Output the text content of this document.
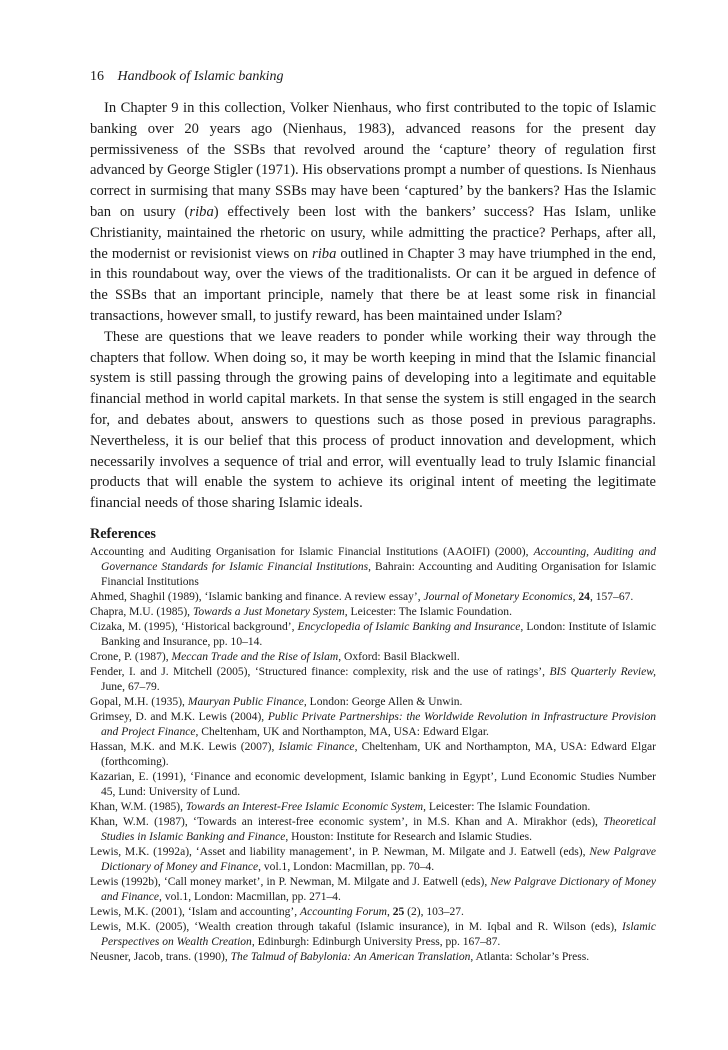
16 Handbook of Islamic banking

In Chapter 9 in this collection, Volker Nienhaus, who first contributed to the topic of Islamic banking over 20 years ago (Nienhaus, 1983), advanced reasons for the present day permissiveness of the SSBs that revolved around the ‘capture’ theory of regulation first advanced by George Stigler (1971). His observations prompt a number of questions. Is Nienhaus correct in surmising that many SSBs may have been ‘captured’ by the bankers? Has the Islamic ban on usury (riba) effectively been lost with the bankers’ success? Has Islam, unlike Christianity, maintained the rhetoric on usury, while admitting the practice? Perhaps, after all, the modernist or revisionist views on riba outlined in Chapter 3 may have triumphed in the end, in this roundabout way, over the views of the traditionalists. Or can it be argued in defence of the SSBs that an important principle, namely that there be at least some risk in financial transactions, however small, to justify reward, has been maintained under Islam?

These are questions that we leave readers to ponder while working their way through the chapters that follow. When doing so, it may be worth keeping in mind that the Islamic financial system is still passing through the growing pains of developing into a legitimate and equitable financial method in world capital markets. In that sense the system is still engaged in the search for, and debates about, answers to questions such as those posed in previous paragraphs. Nevertheless, it is our belief that this process of product innovation and development, which necessarily involves a sequence of trial and error, will eventually lead to truly Islamic financial products that will enable the system to achieve its original intent of meeting the legitimate financial needs of those sharing Islamic ideals.

References
Accounting and Auditing Organisation for Islamic Financial Institutions (AAOIFI) (2000), Accounting, Auditing and Governance Standards for Islamic Financial Institutions, Bahrain: Accounting and Auditing Organisation for Islamic Financial Institutions
Ahmed, Shaghil (1989), ‘Islamic banking and finance. A review essay’, Journal of Monetary Economics, 24, 157–67.
Chapra, M.U. (1985), Towards a Just Monetary System, Leicester: The Islamic Foundation.
Cizaka, M. (1995), ‘Historical background’, Encyclopedia of Islamic Banking and Insurance, London: Institute of Islamic Banking and Insurance, pp. 10–14.
Crone, P. (1987), Meccan Trade and the Rise of Islam, Oxford: Basil Blackwell.
Fender, I. and J. Mitchell (2005), ‘Structured finance: complexity, risk and the use of ratings’, BIS Quarterly Review, June, 67–79.
Gopal, M.H. (1935), Mauryan Public Finance, London: George Allen & Unwin.
Grimsey, D. and M.K. Lewis (2004), Public Private Partnerships: the Worldwide Revolution in Infrastructure Provision and Project Finance, Cheltenham, UK and Northampton, MA, USA: Edward Elgar.
Hassan, M.K. and M.K. Lewis (2007), Islamic Finance, Cheltenham, UK and Northampton, MA, USA: Edward Elgar (forthcoming).
Kazarian, E. (1991), ‘Finance and economic development, Islamic banking in Egypt’, Lund Economic Studies Number 45, Lund: University of Lund.
Khan, W.M. (1985), Towards an Interest-Free Islamic Economic System, Leicester: The Islamic Foundation.
Khan, W.M. (1987), ‘Towards an interest-free economic system’, in M.S. Khan and A. Mirakhor (eds), Theoretical Studies in Islamic Banking and Finance, Houston: Institute for Research and Islamic Studies.
Lewis, M.K. (1992a), ‘Asset and liability management’, in P. Newman, M. Milgate and J. Eatwell (eds), New Palgrave Dictionary of Money and Finance, vol.1, London: Macmillan, pp. 70–4.
Lewis (1992b), ‘Call money market’, in P. Newman, M. Milgate and J. Eatwell (eds), New Palgrave Dictionary of Money and Finance, vol.1, London: Macmillan, pp. 271–4.
Lewis, M.K. (2001), ‘Islam and accounting’, Accounting Forum, 25 (2), 103–27.
Lewis, M.K. (2005), ‘Wealth creation through takaful (Islamic insurance), in M. Iqbal and R. Wilson (eds), Islamic Perspectives on Wealth Creation, Edinburgh: Edinburgh University Press, pp. 167–87.
Neusner, Jacob, trans. (1990), The Talmud of Babylonia: An American Translation, Atlanta: Scholar’s Press.
